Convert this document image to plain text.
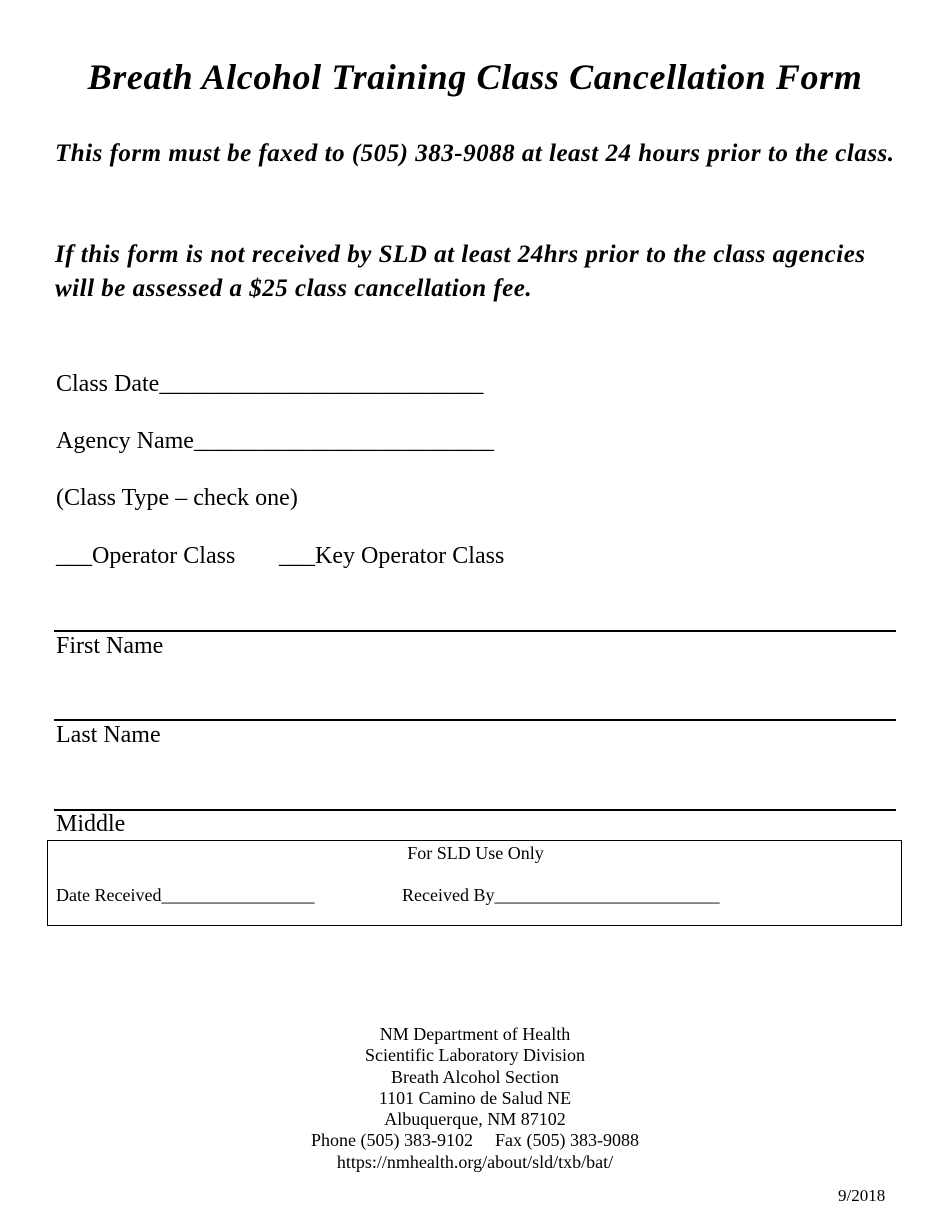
Breath Alcohol Training Class Cancellation Form
This form must be faxed to (505) 383-9088 at least 24 hours prior to the class.
If this form is not received by SLD at least 24hrs prior to the class agencies will be assessed a $25 class cancellation fee.
Class Date___________________________
Agency Name_________________________
(Class Type – check one)
___Operator Class ___Key Operator Class
First Name
Last Name
Middle
For SLD Use Only
Date Received_________________	Received By_________________________
NM Department of Health
Scientific Laboratory Division
Breath Alcohol Section
1101 Camino de Salud NE
Albuquerque, NM 87102
Phone (505) 383-9102 Fax (505) 383-9088
https://nmhealth.org/about/sld/txb/bat/
9/2018
